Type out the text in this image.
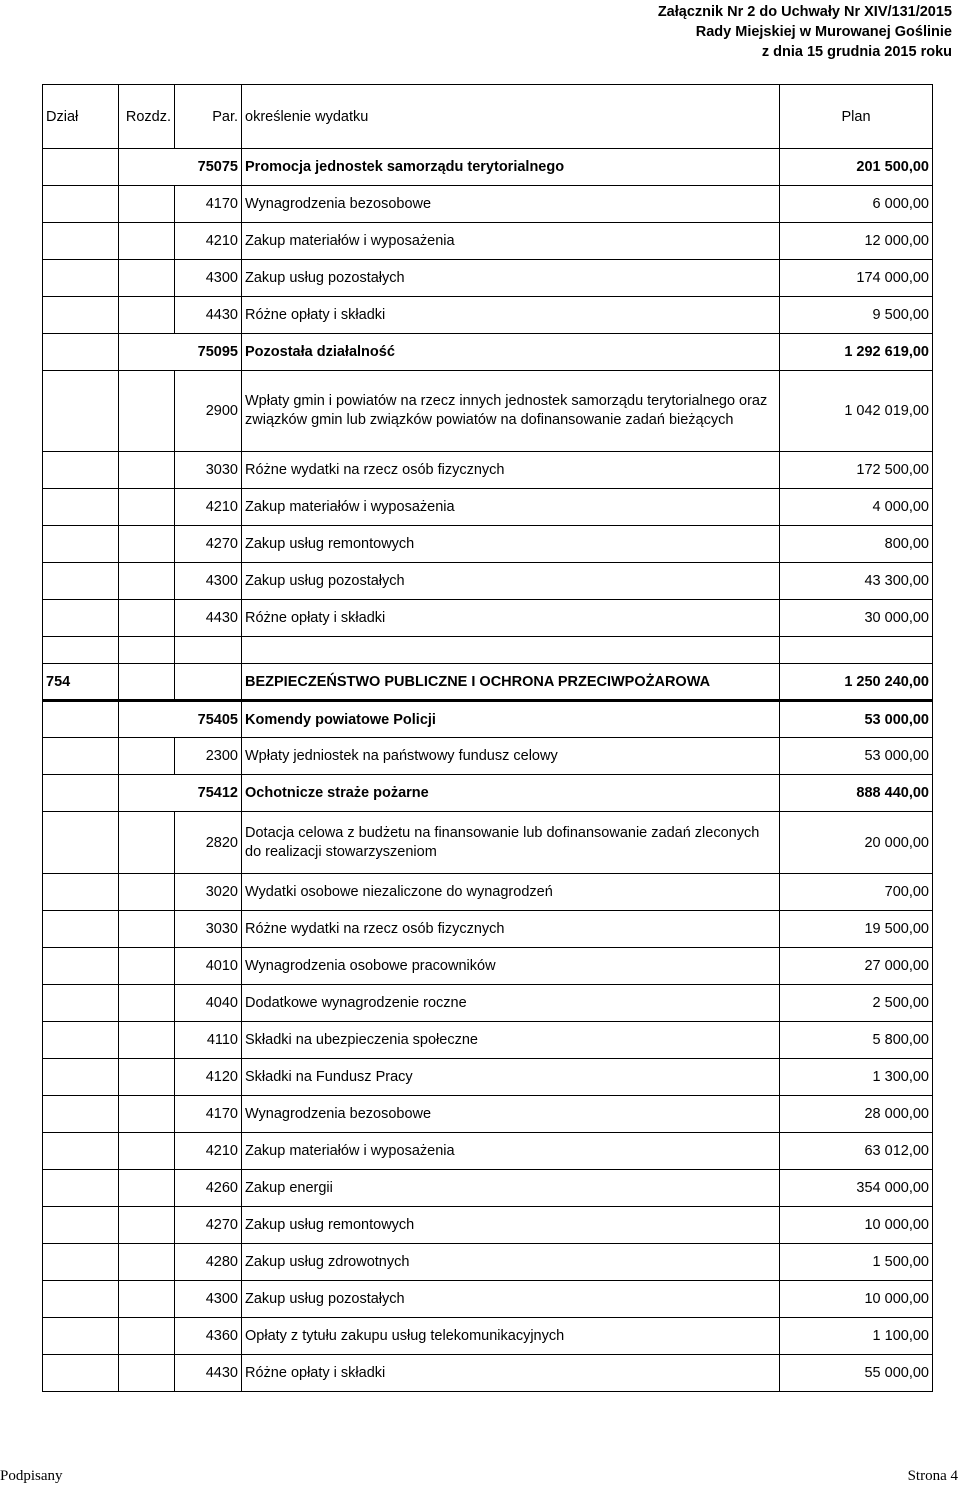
Załącznik Nr 2 do Uchwały Nr XIV/131/2015
Rady Miejskiej w Murowanej Goślinie
z dnia 15 grudnia 2015 roku
Dział	Rozdz.	Par.	określenie wydatku	Plan
	75075		Promocja jednostek samorządu terytorialnego	201 500,00
		4170	Wynagrodzenia bezosobowe	6 000,00
		4210	Zakup materiałów i wyposażenia	12 000,00
		4300	Zakup usług pozostałych	174 000,00
		4430	Różne opłaty i składki	9 500,00
	75095		Pozostała działalność	1 292 619,00
		2900	Wpłaty gmin i powiatów na rzecz innych jednostek samorządu terytorialnego oraz związków gmin lub związków powiatów na dofinansowanie zadań bieżących	1 042 019,00
		3030	Różne wydatki na rzecz osób fizycznych	172 500,00
		4210	Zakup materiałów i wyposażenia	4 000,00
		4270	Zakup usług remontowych	800,00
		4300	Zakup usług pozostałych	43 300,00
		4430	Różne opłaty i składki	30 000,00

754			BEZPIECZEŃSTWO PUBLICZNE I OCHRONA PRZECIWPOŻAROWA	1 250 240,00
	75405		Komendy powiatowe Policji	53 000,00
		2300	Wpłaty jedniostek na państwowy fundusz celowy	53 000,00
	75412		Ochotnicze straże pożarne	888 440,00
		2820	Dotacja celowa z budżetu na finansowanie lub dofinansowanie zadań zleconych do realizacji stowarzyszeniom	20 000,00
		3020	Wydatki osobowe niezaliczone do wynagrodzeń	700,00
		3030	Różne wydatki na rzecz osób fizycznych	19 500,00
		4010	Wynagrodzenia osobowe pracowników	27 000,00
		4040	Dodatkowe wynagrodzenie roczne	2 500,00
		4110	Składki na ubezpieczenia społeczne	5 800,00
		4120	Składki na Fundusz Pracy	1 300,00
		4170	Wynagrodzenia bezosobowe	28 000,00
		4210	Zakup materiałów i wyposażenia	63 012,00
		4260	Zakup energii	354 000,00
		4270	Zakup usług remontowych	10 000,00
		4280	Zakup usług zdrowotnych	1 500,00
		4300	Zakup usług pozostałych	10 000,00
		4360	Opłaty z tytułu zakupu usług telekomunikacyjnych	1 100,00
		4430	Różne opłaty i składki	55 000,00
Podpisany	Strona 4
